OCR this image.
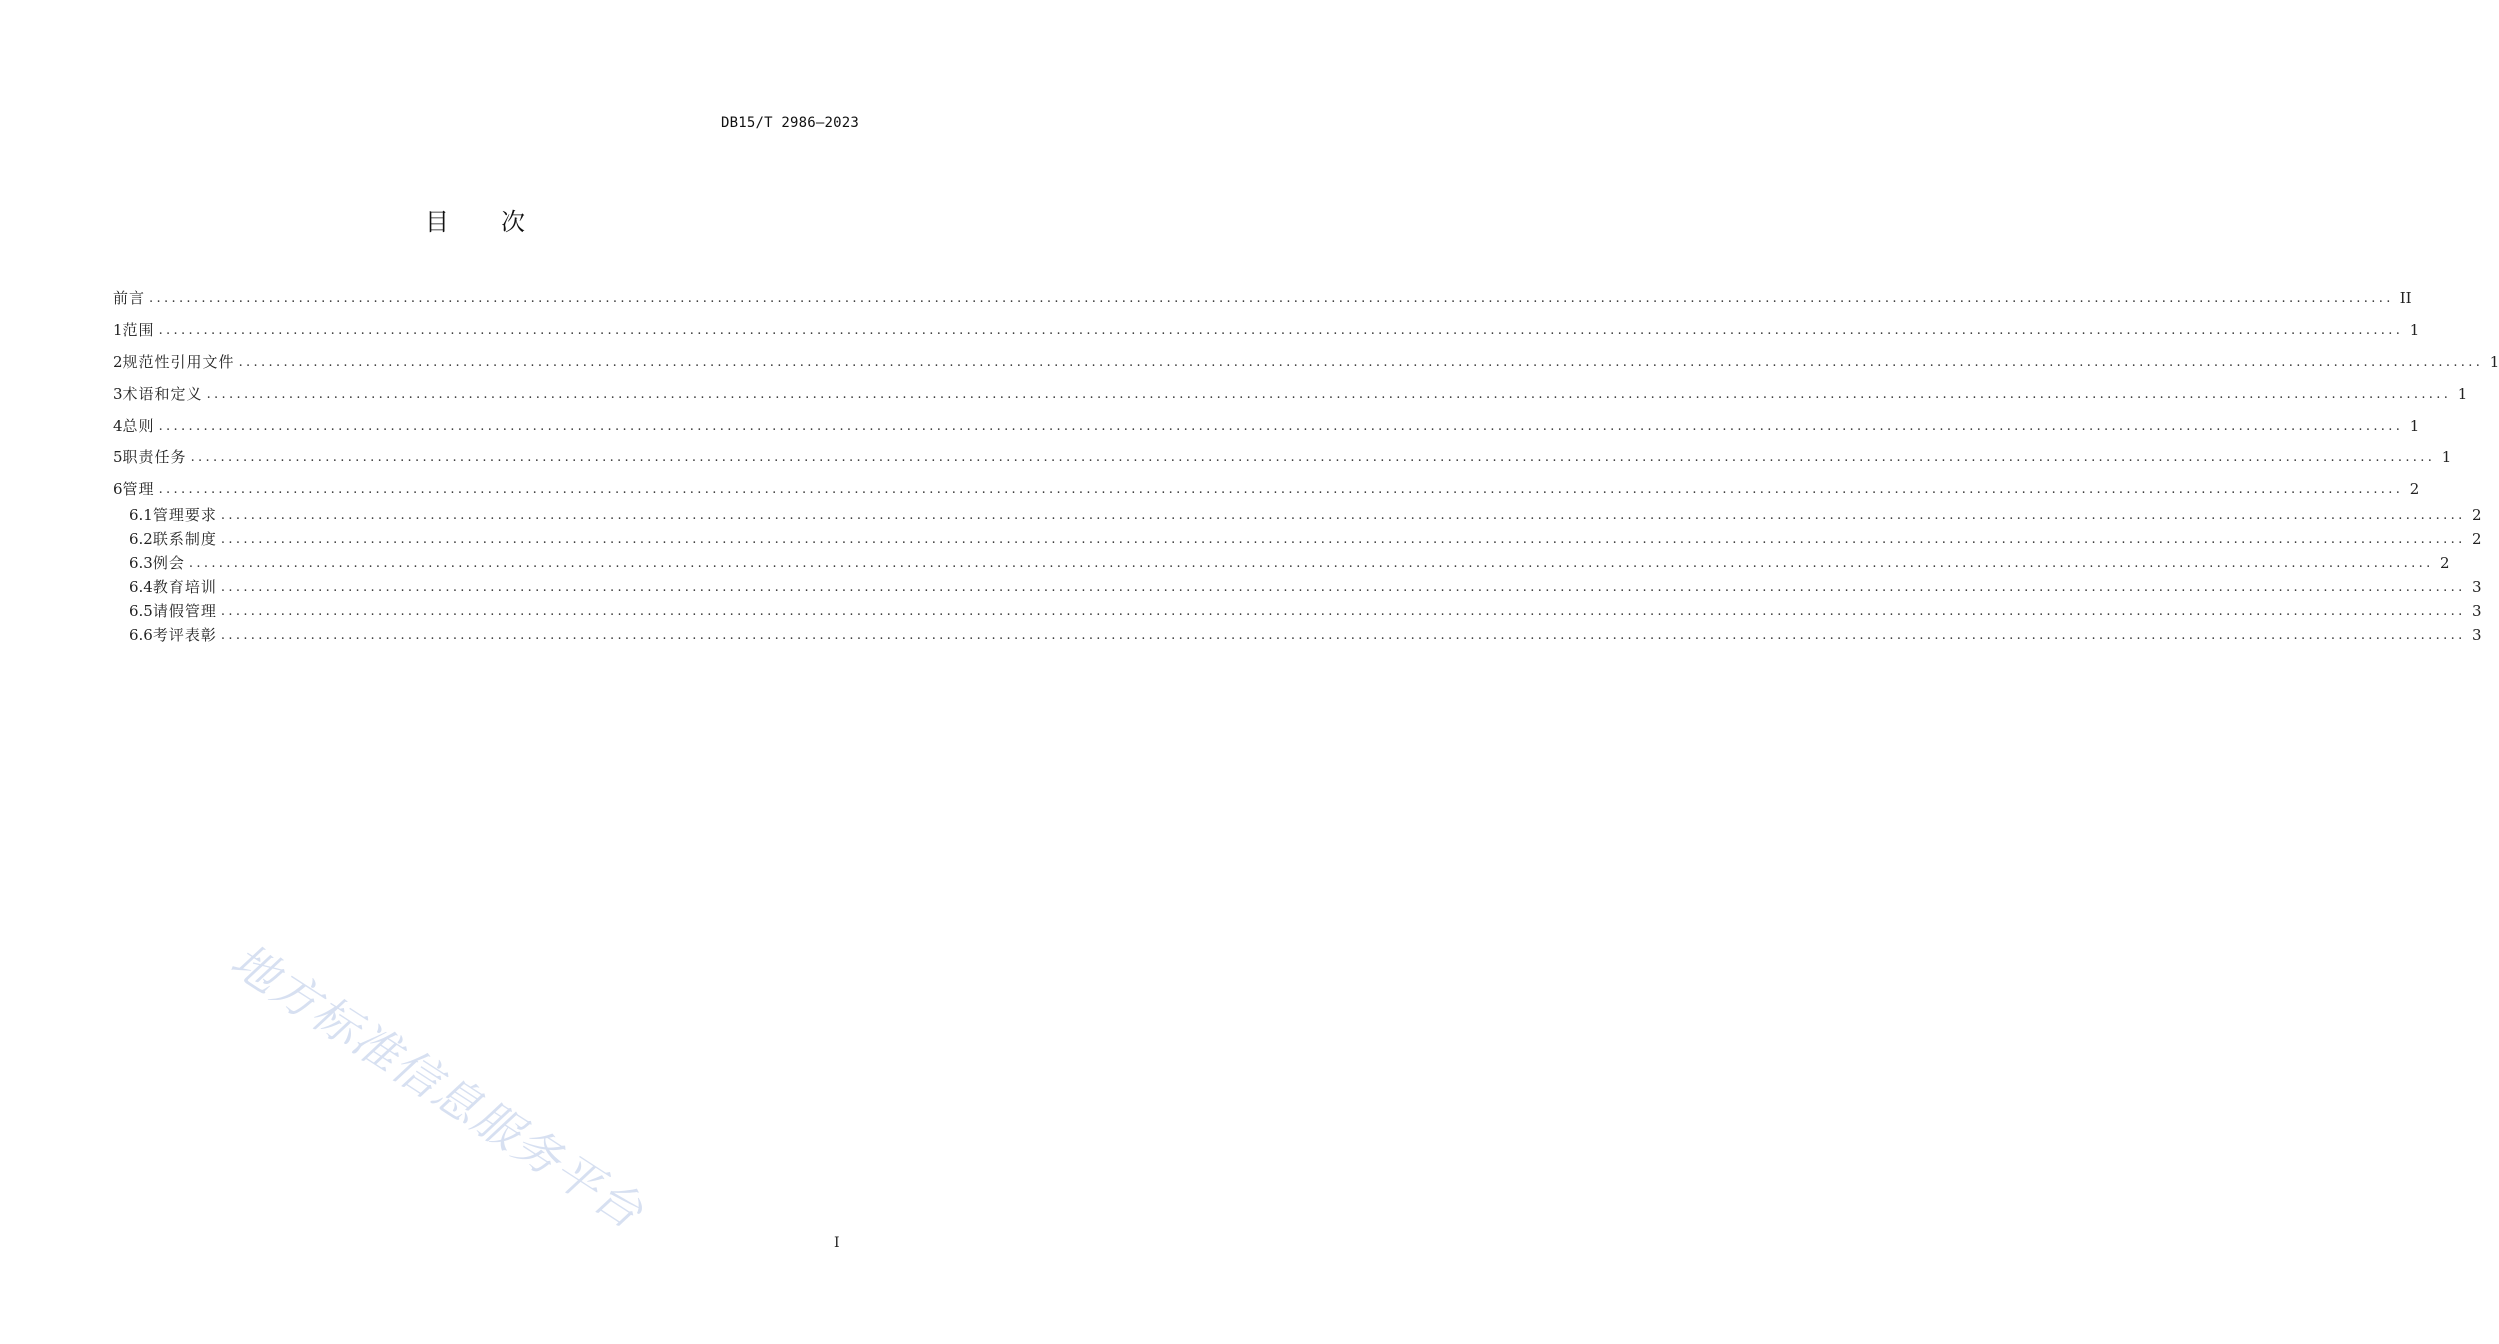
DB15/T 2986—2023
目 次
前言 ............................................................................................................................................................................................................................................................................................................ II
1 范围 ............................................................................................................................................................................................................................................................................................................ 1
2 规范性引用文件 ............................................................................................................................................................................................................................................................................................................ 1
3 术语和定义 ............................................................................................................................................................................................................................................................................................................ 1
4 总则 ............................................................................................................................................................................................................................................................................................................ 1
5 职责任务 ............................................................................................................................................................................................................................................................................................................ 1
6 管理 ............................................................................................................................................................................................................................................................................................................ 2
6.1 管理要求 ............................................................................................................................................................................................................................................................................................................ 2
6.2 联系制度 ............................................................................................................................................................................................................................................................................................................ 2
6.3 例会 ............................................................................................................................................................................................................................................................................................................ 2
6.4 教育培训 ............................................................................................................................................................................................................................................................................................................ 3
6.5 请假管理 ............................................................................................................................................................................................................................................................................................................ 3
6.6 考评表彰 ............................................................................................................................................................................................................................................................................................................ 3
地方标准信息服务平台
I
